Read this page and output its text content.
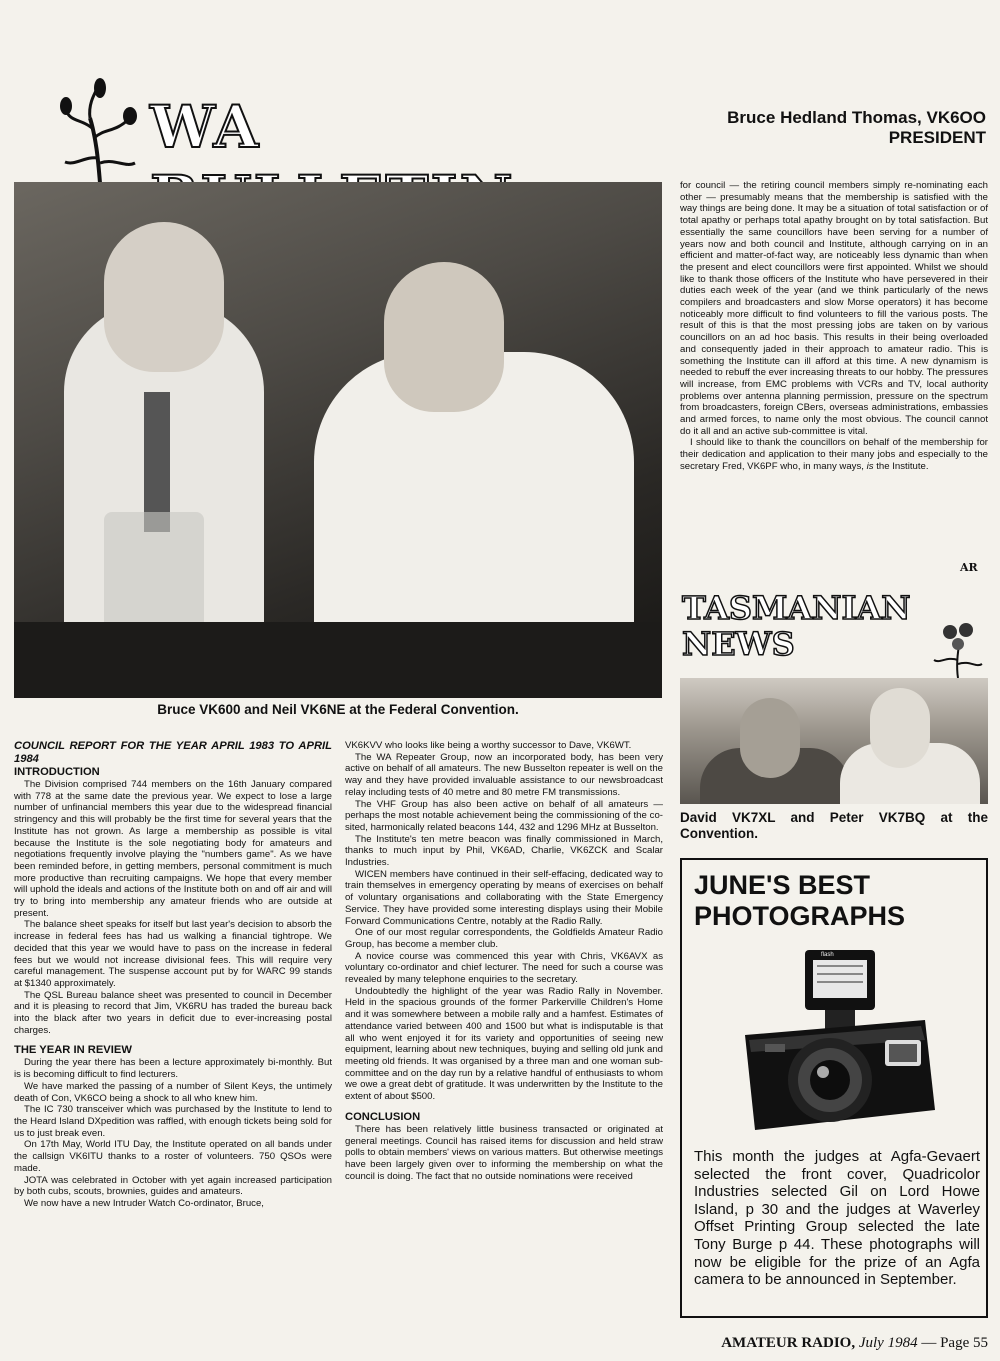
WA	Bruce Hedland Thomas, VK6OO
PRESIDENT
Bruce VK600 and Neil VK6NE at the Federal Convention.
COUNCIL REPORT FOR THE YEAR APRIL 1983 TO APRIL 1984
INTRODUCTION

The Division comprised 744 members on the 16th January compared with 778 at the same date the previous year. We expect to lose a large number of unfinancial members this year due to the widespread financial stringency and this will probably be the first time for several years that the Institute has not grown. As large a membership as possible is vital because the Institute is the sole negotiating body for amateurs and negotiations frequently involve playing the "numbers game". As we have been reminded before, in getting members, personal commitment is much more productive than recruiting campaigns. We hope that every member will uphold the ideals and actions of the Institute both on and off air and will try to bring into membership any amateur friends who are outside at present.

The balance sheet speaks for itself but last year's decision to absorb the increase in federal fees has had us walking a financial tightrope. We decided that this year we would have to pass on the increase in federal fees but we would not increase divisional fees. This will require very careful management. The suspense account put by for WARC 99 stands at $1340 approximately.

The QSL Bureau balance sheet was presented to council in December and it is pleasing to record that Jim, VK6RU has traded the bureau back into the black after two years in deficit due to ever-increasing postal charges.

THE YEAR IN REVIEW

During the year there has been a lecture approximately bi-monthly. But is is becoming difficult to find lecturers.

We have marked the passing of a number of Silent Keys, the untimely death of Con, VK6CO being a shock to all who knew him.

The IC 730 transceiver which was purchased by the Institute to lend to the Heard Island DXpedition was raffled, with enough tickets being sold for us to just break even.

On 17th May, World ITU Day, the Institute operated on all bands under the callsign VK6ITU thanks to a roster of volunteers. 750 QSOs were made.

JOTA was celebrated in October with yet again increased participation by both cubs, scouts, brownies, guides and amateurs.

We now have a new Intruder Watch Co-ordinator, Bruce,

VK6KVV who looks like being a worthy successor to Dave, VK6WT.

The WA Repeater Group, now an incorporated body, has been very active on behalf of all amateurs. The new Busselton repeater is well on the way and they have provided invaluable assistance to our newsbroadcast relay including tests of 40 metre and 80 metre FM transmissions.

The VHF Group has also been active on behalf of all amateurs — perhaps the most notable achievement being the commissioning of the co-sited, harmonically related beacons 144, 432 and 1296 MHz at Busselton.

The Institute's ten metre beacon was finally commissioned in March, thanks to much input by Phil, VK6AD, Charlie, VK6ZCK and Scalar Industries.

WICEN members have continued in their self-effacing, dedicated way to train themselves in emergency operating by means of exercises on behalf of voluntary organisations and collaborating with the State Emergency Service. They have provided some interesting displays using their Mobile Forward Communications Centre, notably at the Radio Rally.

One of our most regular correspondents, the Goldfields Amateur Radio Group, has become a member club.

A novice course was commenced this year with Chris, VK6AVX as voluntary co-ordinator and chief lecturer. The need for such a course was revealed by many telephone enquiries to the secretary.

Undoubtedly the highlight of the year was Radio Rally in November. Held in the spacious grounds of the former Parkerville Children's Home and it was somewhere between a mobile rally and a hamfest. Estimates of attendance varied between 400 and 1500 but what is indisputable is that all who went enjoyed it for its variety and opportunities of seeing new equipment, learning about new techniques, buying and selling old junk and meeting old friends. It was organised by a three man and one woman sub-committee and on the day run by a relative handful of enthusiasts to whom we owe a great debt of gratitude. It was underwritten by the Institute to the extent of about $500.

CONCLUSION

There has been relatively little business transacted or originated at general meetings. Council has raised items for discussion and held straw polls to obtain members' views on various matters. But otherwise meetings have been largely given over to informing the membership on what the council is doing. The fact that no outside nominations were received

for council — the retiring council members simply re-nominating each other — presumably means that the membership is satisfied with the way things are being done. It may be a situation of total satisfaction or of total apathy or perhaps total apathy brought on by total satisfaction. But essentially the same councillors have been serving for a number of years now and both council and Institute, although carrying on in an efficient and matter-of-fact way, are noticeably less dynamic than when the present and elect councillors were first appointed. Whilst we should like to thank those officers of the Institute who have persevered in their duties each week of the year (and we think particularly of the news compilers and broadcasters and slow Morse operators) it has become noticeably more difficult to find volunteers to fill the various posts. The result of this is that the most pressing jobs are taken on by various councillors on an ad hoc basis. This results in their being overloaded and consequently jaded in their approach to amateur radio. This is something the Institute can ill afford at this time. A new dynamism is needed to rebuff the ever increasing threats to our hobby. The pressures will increase, from EMC problems with VCRs and TV, local authority problems over antenna planning permission, pressure on the spectrum from broadcasters, foreign CBers, overseas administrations, embassies and armed forces, to name only the most obvious. The council cannot do it all and an active sub-committee is vital.

I should like to thank the councillors on behalf of the membership for their dedication and application to their many jobs and especially to the secretary Fred, VK6PF who, in many ways, is the Institute.

AR
TASMANIAN
NEWS
David VK7XL and Peter VK7BQ at the Convention.
JUNE'S BEST
PHOTOGRAPHS
flash
This month the judges at Agfa-Gevaert selected the front cover, Quadricolor Industries selected Gil on Lord Howe Island, p 30 and the judges at Waverley Offset Printing Group selected the late Tony Burge p 44. These photographs will now be eligible for the prize of an Agfa camera to be announced in September.
AMATEUR RADIO, July 1984 — Page 55
